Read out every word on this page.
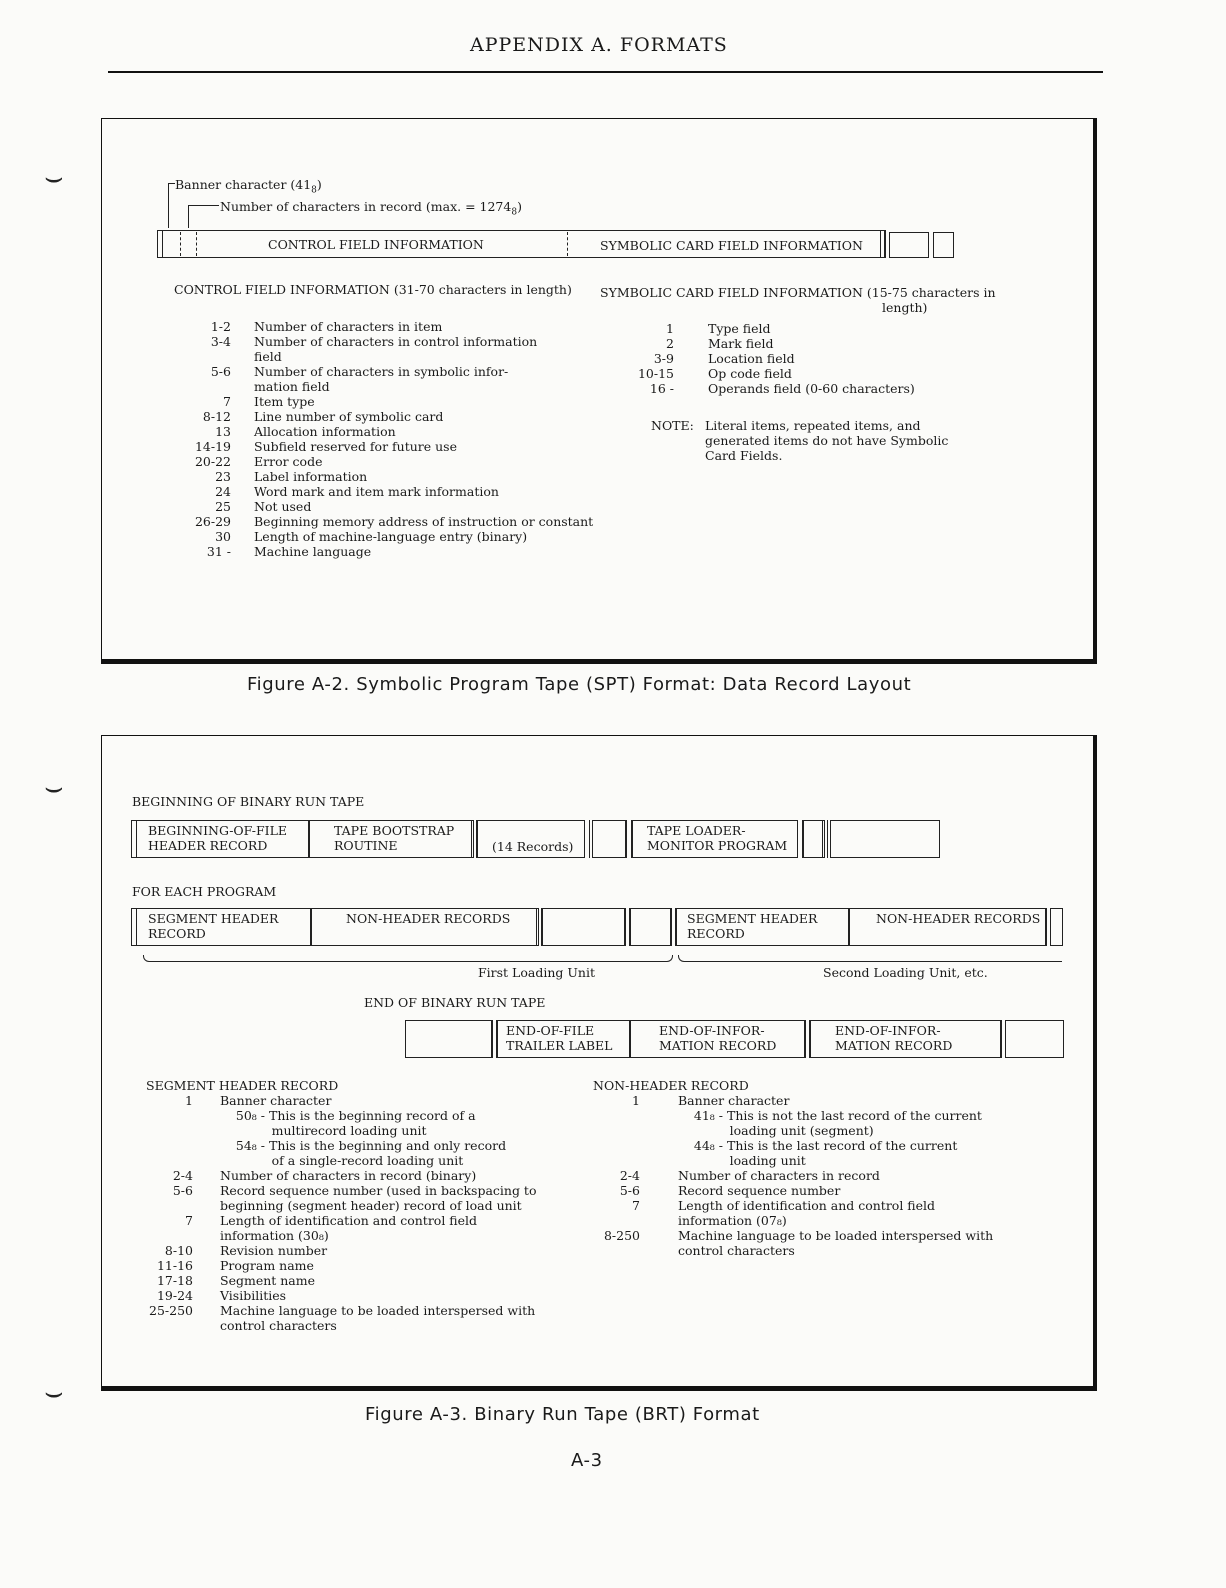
APPENDIX A. FORMATS
⌣
⌣
⌣
Banner character $(41_8)$
Number of characters in record (max. = $1274_8$)
CONTROL FIELD INFORMATION	SYMBOLIC CARD FIELD INFORMATION
CONTROL FIELD INFORMATION (31-70 characters in length) SYMBOLIC CARD FIELD INFORMATION (15-75 characters in
length)
1-2 Number of characters in item
3-4 Number of characters in control information
field
5-6 Number of characters in symbolic infor-
mation field
7 Item type
8-12 Line number of symbolic card
13 Allocation information
14-19 Subfield reserved for future use
20-22 Error code
23 Label information
24 Word mark and item mark information
25 Not used
26-29 Beginning memory address of instruction or constant
30 Length of machine-language entry (binary)
31 - Machine language
1	Type field
2	Mark field
3-9	Location field
10-15	Op code field
16 -	Operands field (0-60 characters)
NOTE: Literal items, repeated items, and
generated items do not have Symbolic
Card Fields.
Figure A-2. Symbolic Program Tape (SPT) Format: Data Record Layout
BEGINNING OF BINARY RUN TAPE
BEGINNING-OF-FILE
HEADER RECORD
TAPE BOOTSTRAP
ROUTINE	(14 Records)
TAPE LOADER-
MONITOR PROGRAM
FOR EACH PROGRAM
SEGMENT HEADER
RECORD
NON-HEADER RECORDS	SEGMENT HEADER
RECORD
NON-HEADER RECORDS
First Loading Unit	Second Loading Unit, etc.
END OF BINARY RUN TAPE
END-OF-FILE
TRAILER LABEL
END-OF-INFOR-
MATION RECORD
END-OF-INFOR-
MATION RECORD
SEGMENT HEADER RECORD
1 Banner character
50₈ - This is the beginning record of a
multirecord loading unit
54₈ - This is the beginning and only record
of a single-record loading unit
2-4 Number of characters in record (binary)
5-6 Record sequence number (used in backspacing to
beginning (segment header) record of load unit
7 Length of identification and control field
information (30₈)
8-10 Revision number
11-16 Program name
17-18 Segment name
19-24 Visibilities
25-250 Machine language to be loaded interspersed with
control characters
NON-HEADER RECORD
1	Banner character
41₈ - This is not the last record of the current
loading unit (segment)
44₈ - This is the last record of the current
loading unit
2-4	Number of characters in record
5-6	Record sequence number
7	Length of identification and control field
information (07₈)
8-250	Machine language to be loaded interspersed with
control characters
Figure A-3. Binary Run Tape (BRT) Format
A-3
